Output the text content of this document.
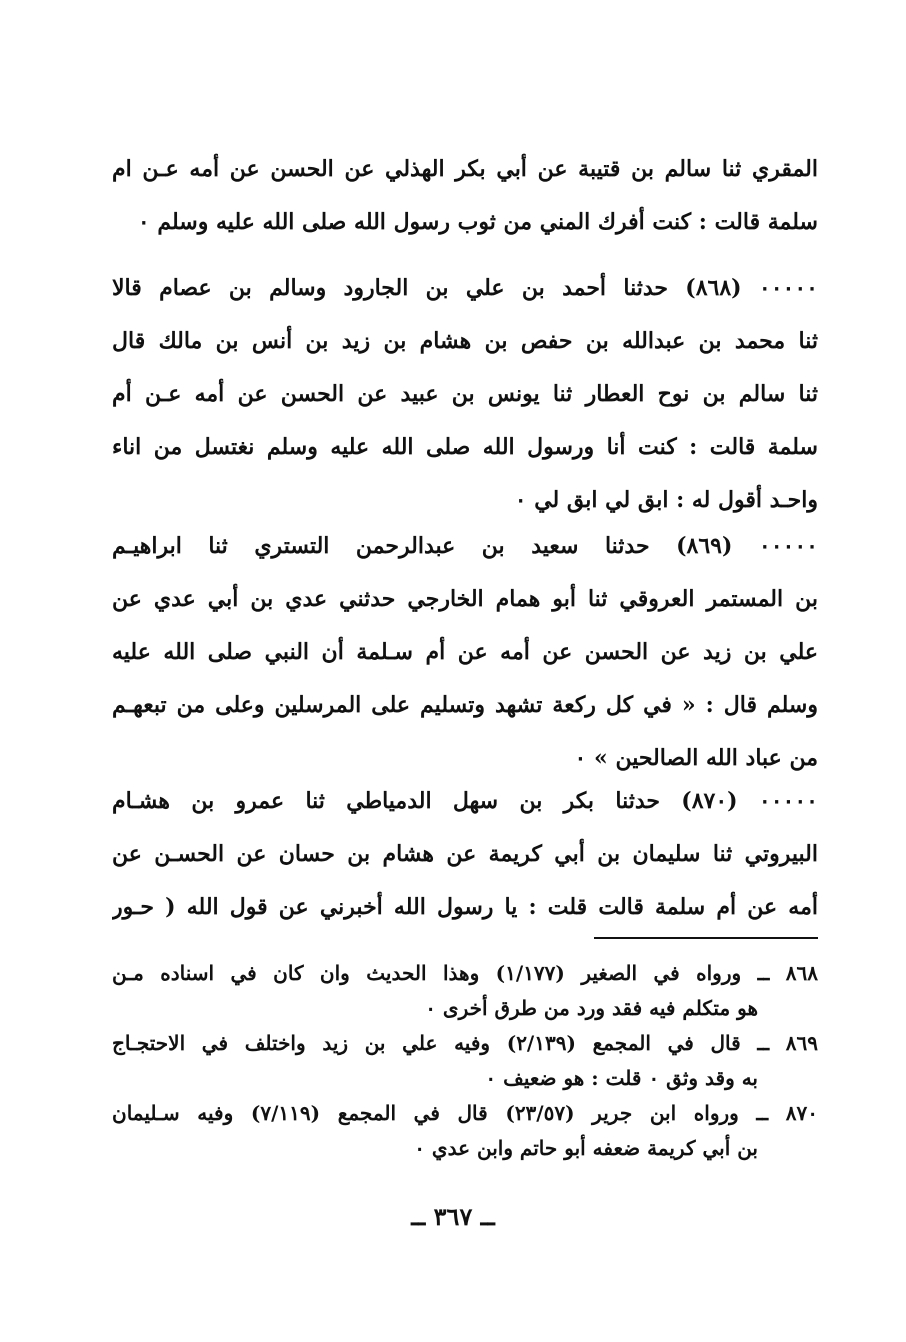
المقري ثنا سالم بن قتيبة عن أبي بكر الهذلي عن الحسن عن أمه عـن ام
سلمة قالت : كنت أفرك المني من ثوب رسول الله صلى الله عليه وسلم ٠
٠٠٠٠٠ (٨٦٨) حدثنا أحمد بن علي بن الجارود وسالم بن عصام قالا
ثنا محمد بن عبدالله بن حفص بن هشام بن زيد بن أنس بن مالك قال
ثنا سالم بن نوح العطار ثنا يونس بن عبيد عن الحسن عن أمه عـن أم
سلمة قالت : كنت أنا ورسول الله صلى الله عليه وسلم نغتسل من اناء
واحـد أقول له : ابق لي ابق لي ٠
٠٠٠٠٠ (٨٦٩) حدثنا سعيد بن عبدالرحمن التستري ثنا ابراهيـم
بن المستمر العروقي ثنا أبو همام الخارجي حدثني عدي بن أبي عدي عن
علي بن زيد عن الحسن عن أمه عن أم سـلمة أن النبي صلى الله عليه
وسلم قال : « في كل ركعة تشهد وتسليم على المرسلين وعلى من تبعهـم
من عباد الله الصالحين » ٠
٠٠٠٠٠ (٨٧٠) حدثنا بكر بن سهل الدمياطي ثنا عمرو بن هشـام
البيروتي ثنا سليمان بن أبي كريمة عن هشام بن حسان عن الحسـن عن
أمه عن أم سلمة قالت قلت : يا رسول الله أخبرني عن قول الله ( حـور
٨٦٨ ــ ورواه في الصغير (١/١٧٧) وهذا الحديث وان كان في اسناده مـن
هو متكلم فيه فقد ورد من طرق أخرى ٠
٨٦٩ ــ قال في المجمع (٢/١٣٩) وفيه علي بن زيد واختلف في الاحتجـاج
به وقد وثق ٠ قلت : هو ضعيف ٠
٨٧٠ ــ ورواه ابن جرير (٢٣/٥٧) قال في المجمع (٧/١١٩) وفيه سـليمان
بن أبي كريمة ضعفه أبو حاتم وابن عدي ٠
ــ ٣٦٧ ــ
